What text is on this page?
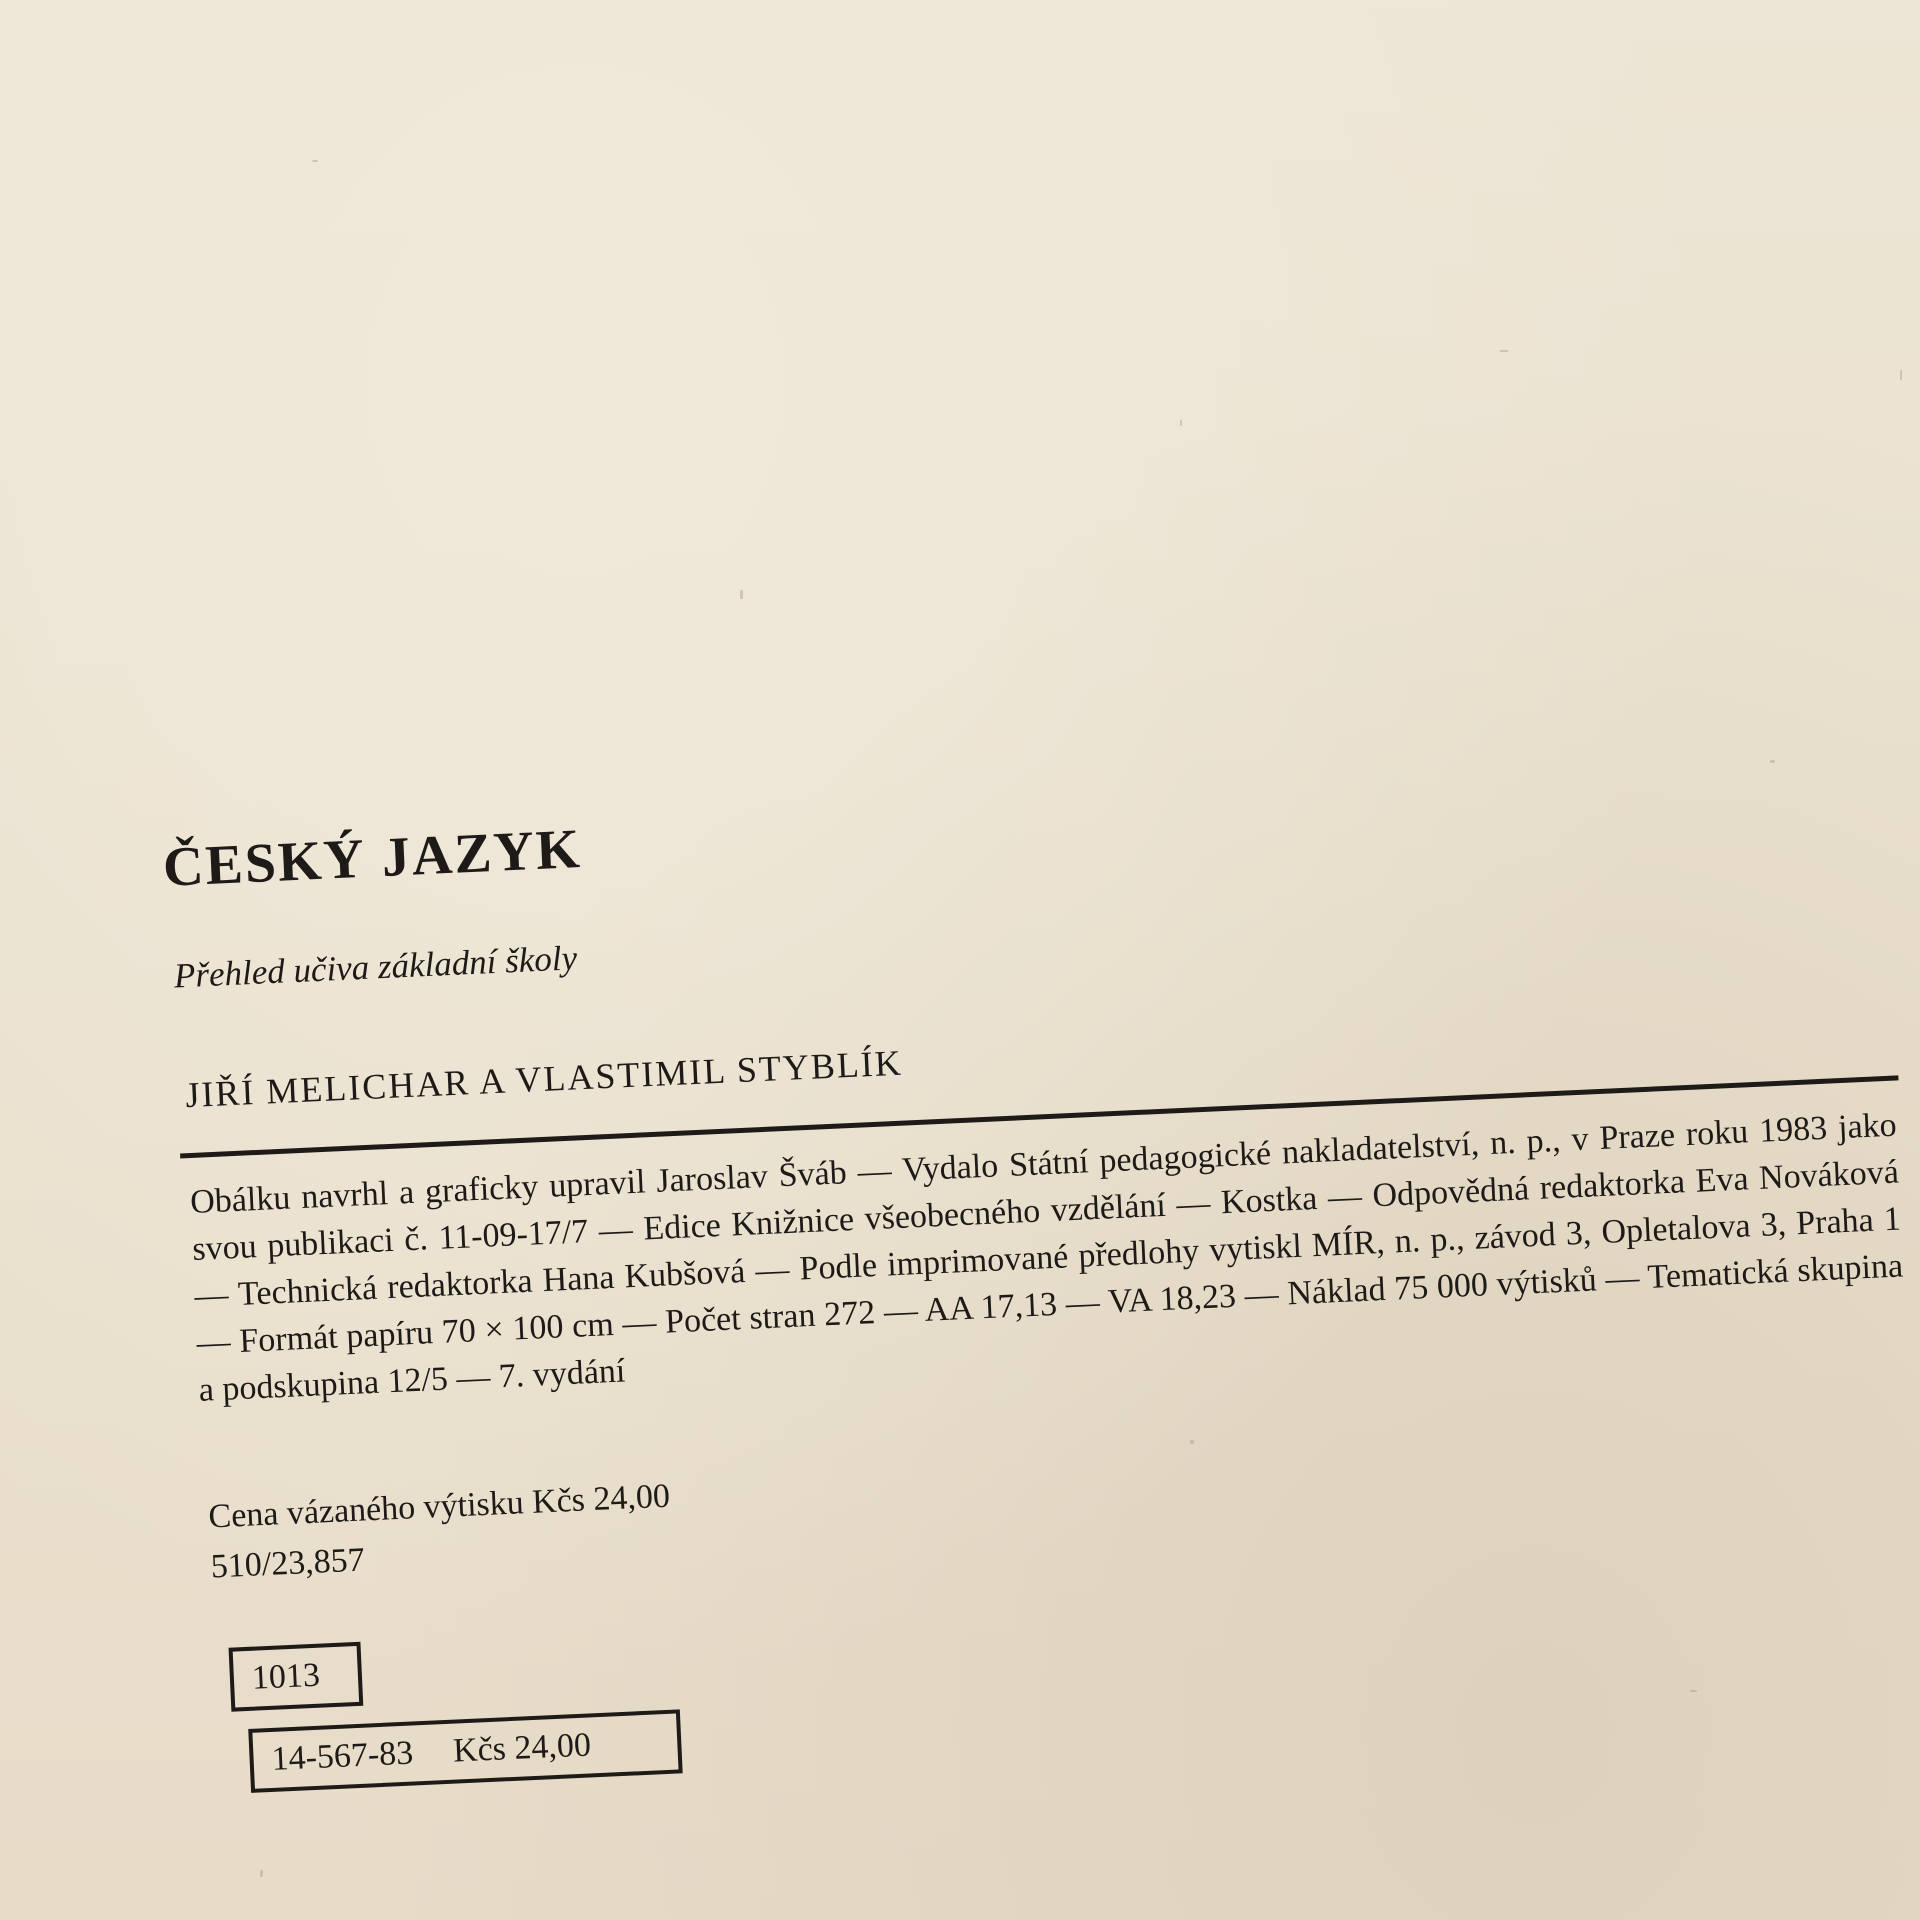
ČESKÝ JAZYK

Přehled učiva základní školy

JIŘÍ MELICHAR A VLASTIMIL STYBLÍK

Obálku navrhl a graficky upravil Jaroslav Šváb — Vydalo Státní pedagogické nakladatelství, n. p., v Praze roku 1983 jako svou publikaci č. 11-09-17/7 — Edice Knižnice všeobecného vzdělání — Kostka — Odpovědná redaktorka Eva Nováková — Technická redaktorka Hana Kubšová — Podle imprimované předlohy vytiskl MÍR, n. p., závod 3, Opletalova 3, Praha 1 — Formát papíru 70 × 100 cm — Počet stran 272 — AA 17,13 — VA 18,23 — Náklad 75 000 výtisků — Tematická skupina a podskupina 12/5 — 7. vydání

Cena vázaného výtisku Kčs 24,00
510/23,857
1013
14-567-83 Kčs 24,00
